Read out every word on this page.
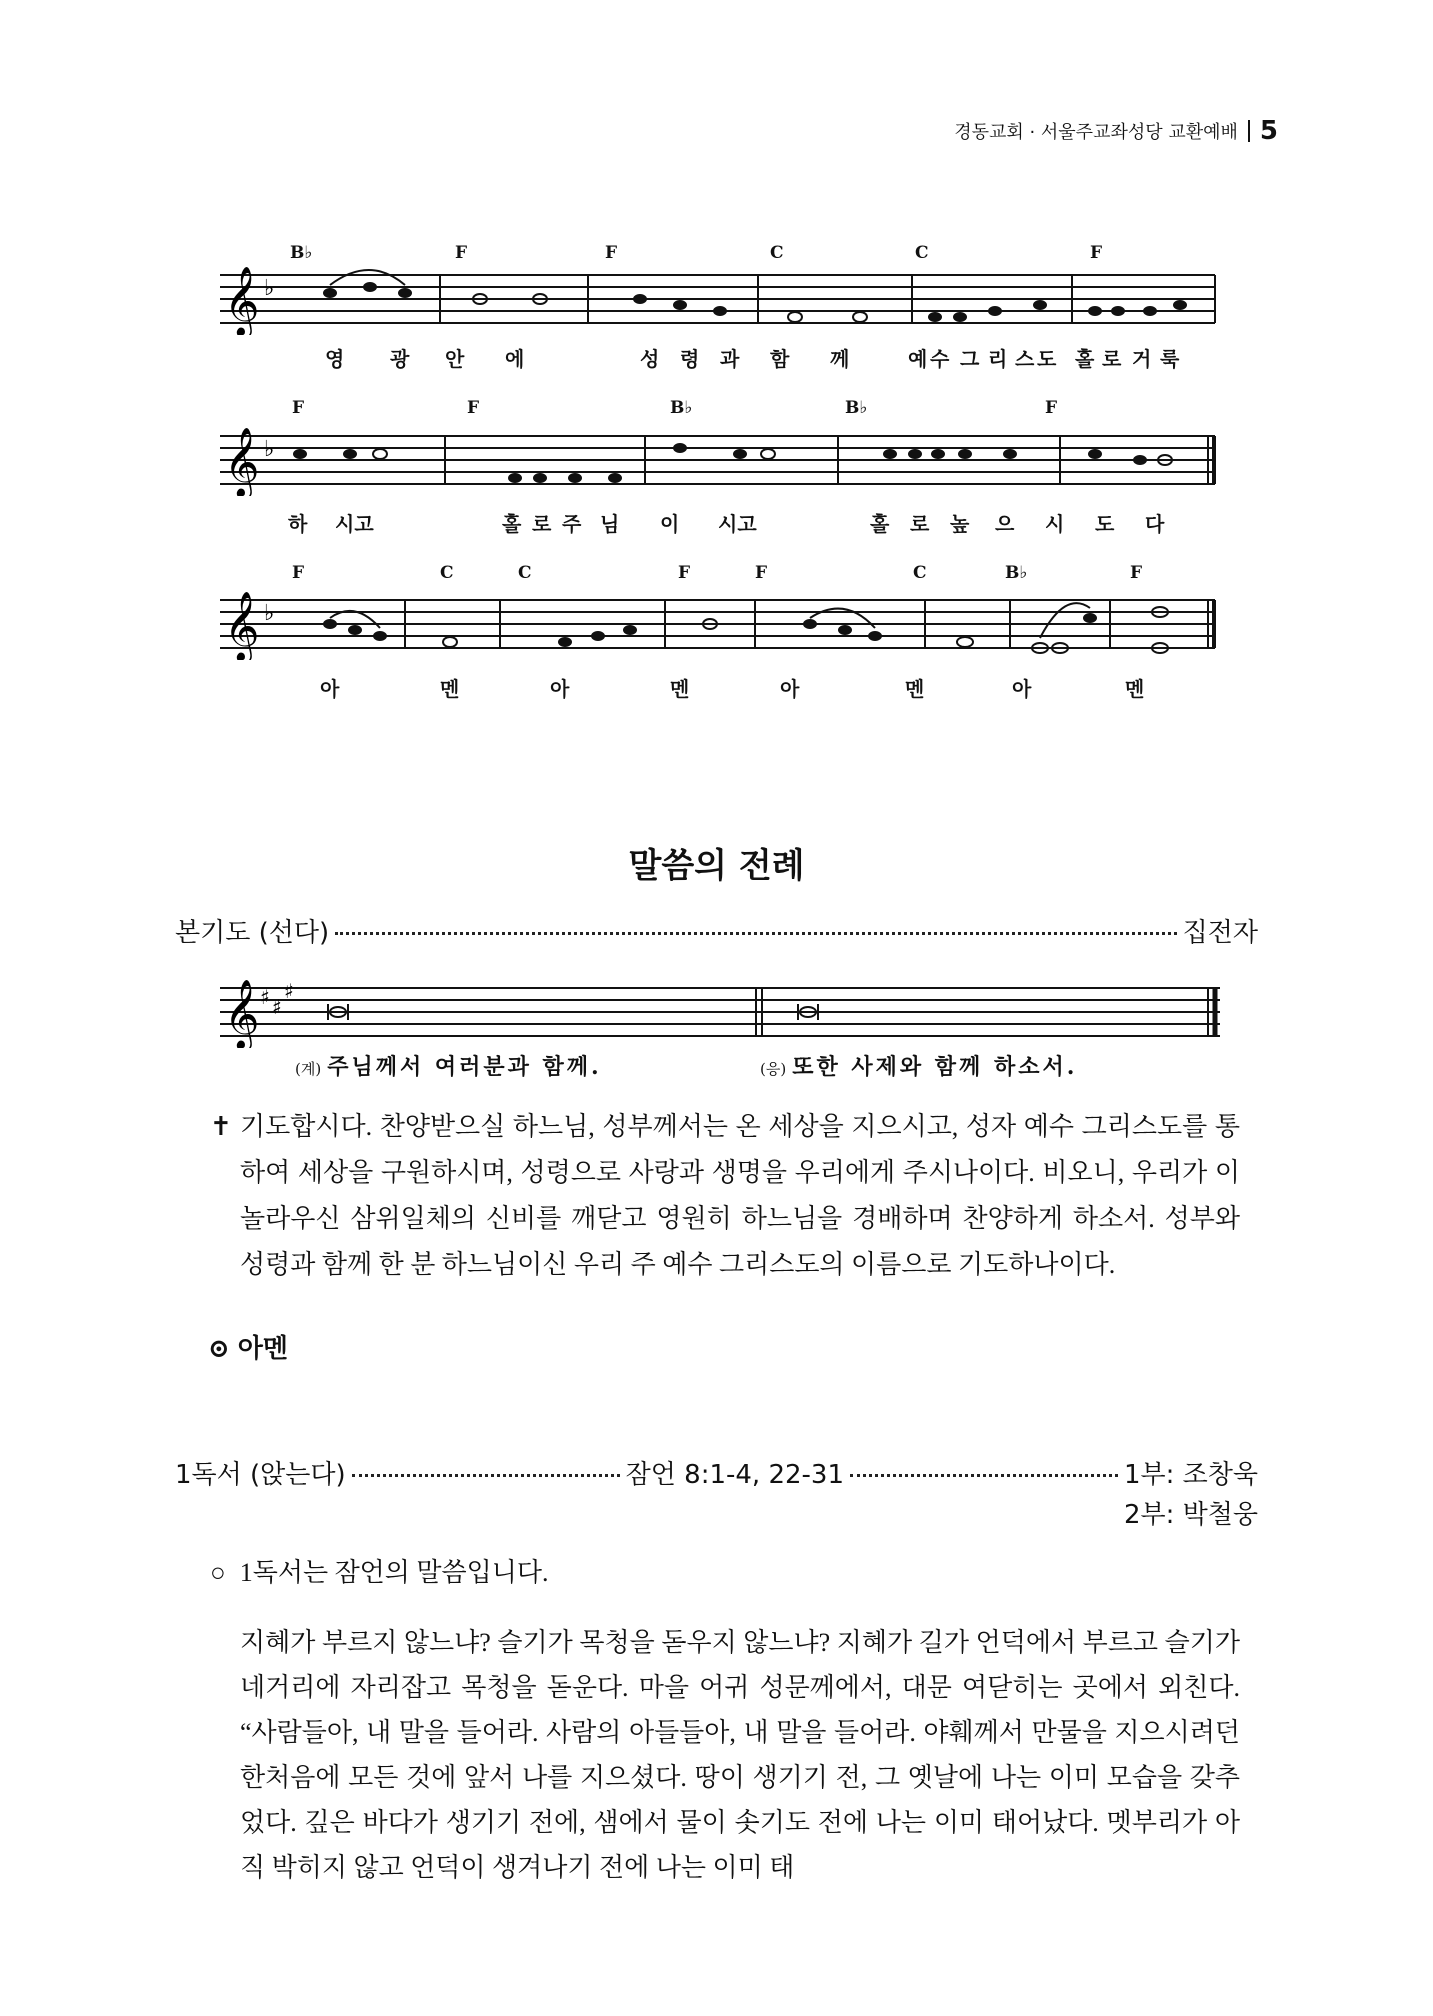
경동교회 · 서울주교좌성당 교환예배 5
𝄞 ♭
B♭	F	F	C	C	F
영 광 안 에	성 령 과 함 께	예 수 그 리 스 도 홀 로 거 룩
𝄞 ♭
F	F	B♭	B♭	F
하 시고	홀 로 주 님 이 시고	홀 로 높 으 시 도 다
𝄞 ♭
F	C	C	F	F	C	B♭	F
아	멘	아	멘	아	멘	아	멘
말씀의 전례
본기도 (선다)	집전자
𝄞 ♯ ♯
♯
(계) 주님께서 여러분과 함께.	(응) 또한 사제와 함께 하소서.
✝ 기도합시다. 찬양받으실 하느님, 성부께서는 온 세상을 지으시고, 성자 예수 그리스도를 통하여 세상을 구원하시며, 성령으로 사랑과 생명을 우리에게 주시나이다. 비오니, 우리가 이 놀라우신 삼위일체의 신비를 깨닫고 영원히 하느님을 경배하며 찬양하게 하소서. 성부와 성령과 함께 한 분 하느님이신 우리 주 예수 그리스도의 이름으로 기도하나이다.
⊙ 아멘
1독서 (앉는다)	잠언 8:1-4, 22-31	1부: 조창욱
2부: 박철웅
○ 1독서는 잠언의 말씀입니다.
지혜가 부르지 않느냐? 슬기가 목청을 돋우지 않느냐? 지혜가 길가 언덕에서 부르고 슬기가 네거리에 자리잡고 목청을 돋운다. 마을 어귀 성문께에서, 대문 여닫히는 곳에서 외친다. “사람들아, 내 말을 들어라. 사람의 아들들아, 내 말을 들어라. 야훼께서 만물을 지으시려던 한처음에 모든 것에 앞서 나를 지으셨다. 땅이 생기기 전, 그 옛날에 나는 이미 모습을 갖추었다. 깊은 바다가 생기기 전에, 샘에서 물이 솟기도 전에 나는 이미 태어났다. 멧부리가 아직 박히지 않고 언덕이 생겨나기 전에 나는 이미 태
